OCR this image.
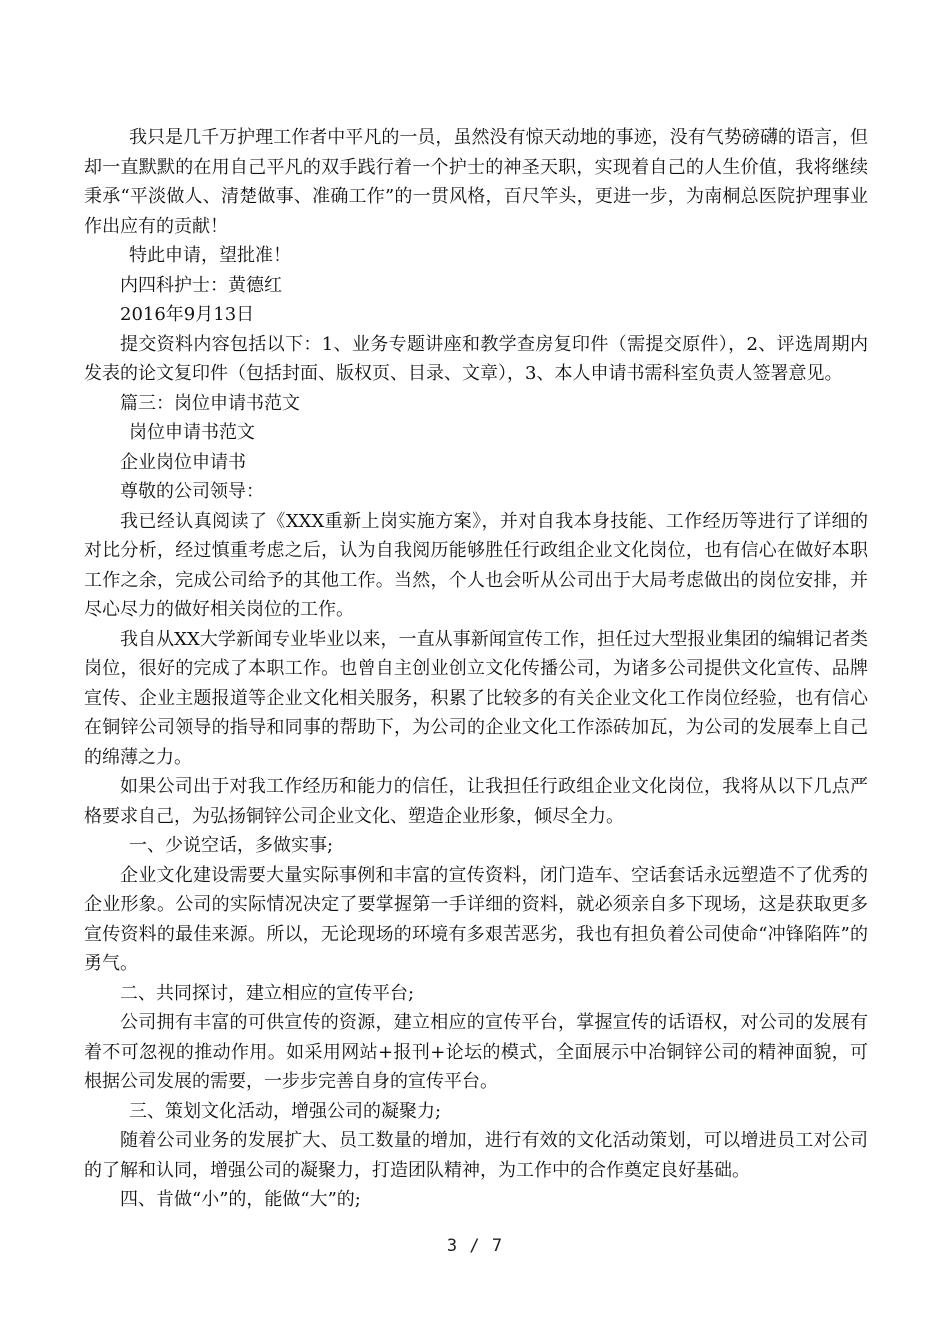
我只是几千万护理工作者中平凡的一员，虽然没有惊天动地的事迹，没有气势磅礴的语言，但却一直默默的在用自己平凡的双手践行着一个护士的神圣天职，实现着自己的人生价值，我将继续秉承“平淡做人、清楚做事、准确工作”的一贯风格，百尺竿头，更进一步，为南桐总医院护理事业作出应有的贡献！

特此申请，望批准！

内四科护士：黄德红

2016年9月13日

提交资料内容包括以下：1、业务专题讲座和教学查房复印件（需提交原件），2、评选周期内发表的论文复印件（包括封面、版权页、目录、文章），3、本人申请书需科室负责人签署意见。

篇三：岗位申请书范文

岗位申请书范文

企业岗位申请书

尊敬的公司领导：

我已经认真阅读了《XXX重新上岗实施方案》，并对自我本身技能、工作经历等进行了详细的对比分析，经过慎重考虑之后，认为自我阅历能够胜任行政组企业文化岗位，也有信心在做好本职工作之余，完成公司给予的其他工作。当然，个人也会听从公司出于大局考虑做出的岗位安排，并尽心尽力的做好相关岗位的工作。

我自从XX大学新闻专业毕业以来，一直从事新闻宣传工作，担任过大型报业集团的编辑记者类岗位，很好的完成了本职工作。也曾自主创业创立文化传播公司，为诸多公司提供文化宣传、品牌宣传、企业主题报道等企业文化相关服务，积累了比较多的有关企业文化工作岗位经验，也有信心在铜锌公司领导的指导和同事的帮助下，为公司的企业文化工作添砖加瓦，为公司的发展奉上自己的绵薄之力。

如果公司出于对我工作经历和能力的信任，让我担任行政组企业文化岗位，我将从以下几点严格要求自己，为弘扬铜锌公司企业文化、塑造企业形象，倾尽全力。

一、少说空话，多做实事;

企业文化建设需要大量实际事例和丰富的宣传资料，闭门造车、空话套话永远塑造不了优秀的企业形象。公司的实际情况决定了要掌握第一手详细的资料，就必须亲自多下现场，这是获取更多宣传资料的最佳来源。所以，无论现场的环境有多艰苦恶劣，我也有担负着公司使命“冲锋陷阵”的勇气。

二、共同探讨，建立相应的宣传平台;

公司拥有丰富的可供宣传的资源，建立相应的宣传平台，掌握宣传的话语权，对公司的发展有着不可忽视的推动作用。如采用网站+报刊+论坛的模式，全面展示中冶铜锌公司的精神面貌，可根据公司发展的需要，一步步完善自身的宣传平台。

三、策划文化活动，增强公司的凝聚力;

随着公司业务的发展扩大、员工数量的增加，进行有效的文化活动策划，可以增进员工对公司的了解和认同，增强公司的凝聚力，打造团队精神，为工作中的合作奠定良好基础。

四、肯做“小”的，能做“大”的;

3 / 7
